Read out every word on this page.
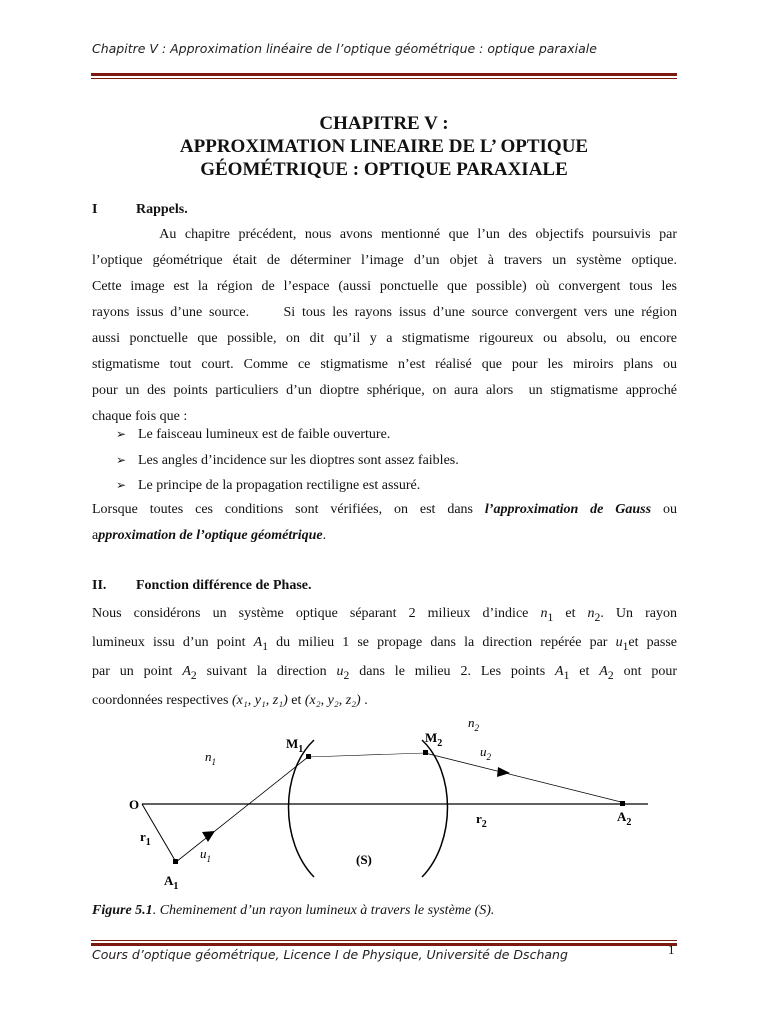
Chapitre V : Approximation linéaire de l’optique géométrique : optique paraxiale
CHAPITRE V :
APPROXIMATION LINEAIRE DE L’ OPTIQUE
GÉOMÉTRIQUE : OPTIQUE PARAXIALE
I	Rappels.
Au chapitre précédent, nous avons mentionné que l’un des objectifs poursuivis par
l’optique géométrique était de déterminer l’image d’un objet à travers un système optique.
Cette image est la région de l’espace (aussi ponctuelle que possible) où convergent tous les
rayons issus d’une source.     Si tous les rayons issus d’une source convergent vers une région
aussi ponctuelle que possible, on dit qu’il y a stigmatisme rigoureux ou absolu, ou encore
stigmatisme tout court. Comme ce stigmatisme n’est réalisé que pour les miroirs plans ou
pour un des points particuliers d’un dioptre sphérique, on aura alors  un stigmatisme approché
chaque fois que :
➢ Le faisceau lumineux est de faible ouverture.
➢ Les angles d’incidence sur les dioptres sont assez faibles.
➢ Le principe de la propagation rectiligne est assuré.
Lorsque toutes ces conditions sont vérifiées, on est dans l’approximation de Gauss ou
approximation de l’optique géométrique.
II. Fonction différence de Phase.
Nous considérons un système optique séparant 2 milieux d’indice $n_1$ et $n_2$. Un rayon
lumineux issu d’un point $A_1$ du milieu 1 se propage dans la direction repérée par $u_1et$ passe
par un point $A_2$ suivant la direction $u_2$ dans le milieu 2. Les points $A_1$ et $A_2$ ont pour
coordonnées respectives (x₁, y₁, z₁) et (x₂, y₂, z₂) .
O
$r_1$
$A_1$
$u_1$
$n_1$
$M_1$
$M_2$
$n_2$
$u_2$
$r_2$
$A_2$
(S)
Figure 5.1. Cheminement d’un rayon lumineux à travers le système (S).
Cours d’optique géométrique, Licence I de Physique, Université de Dschang	1
